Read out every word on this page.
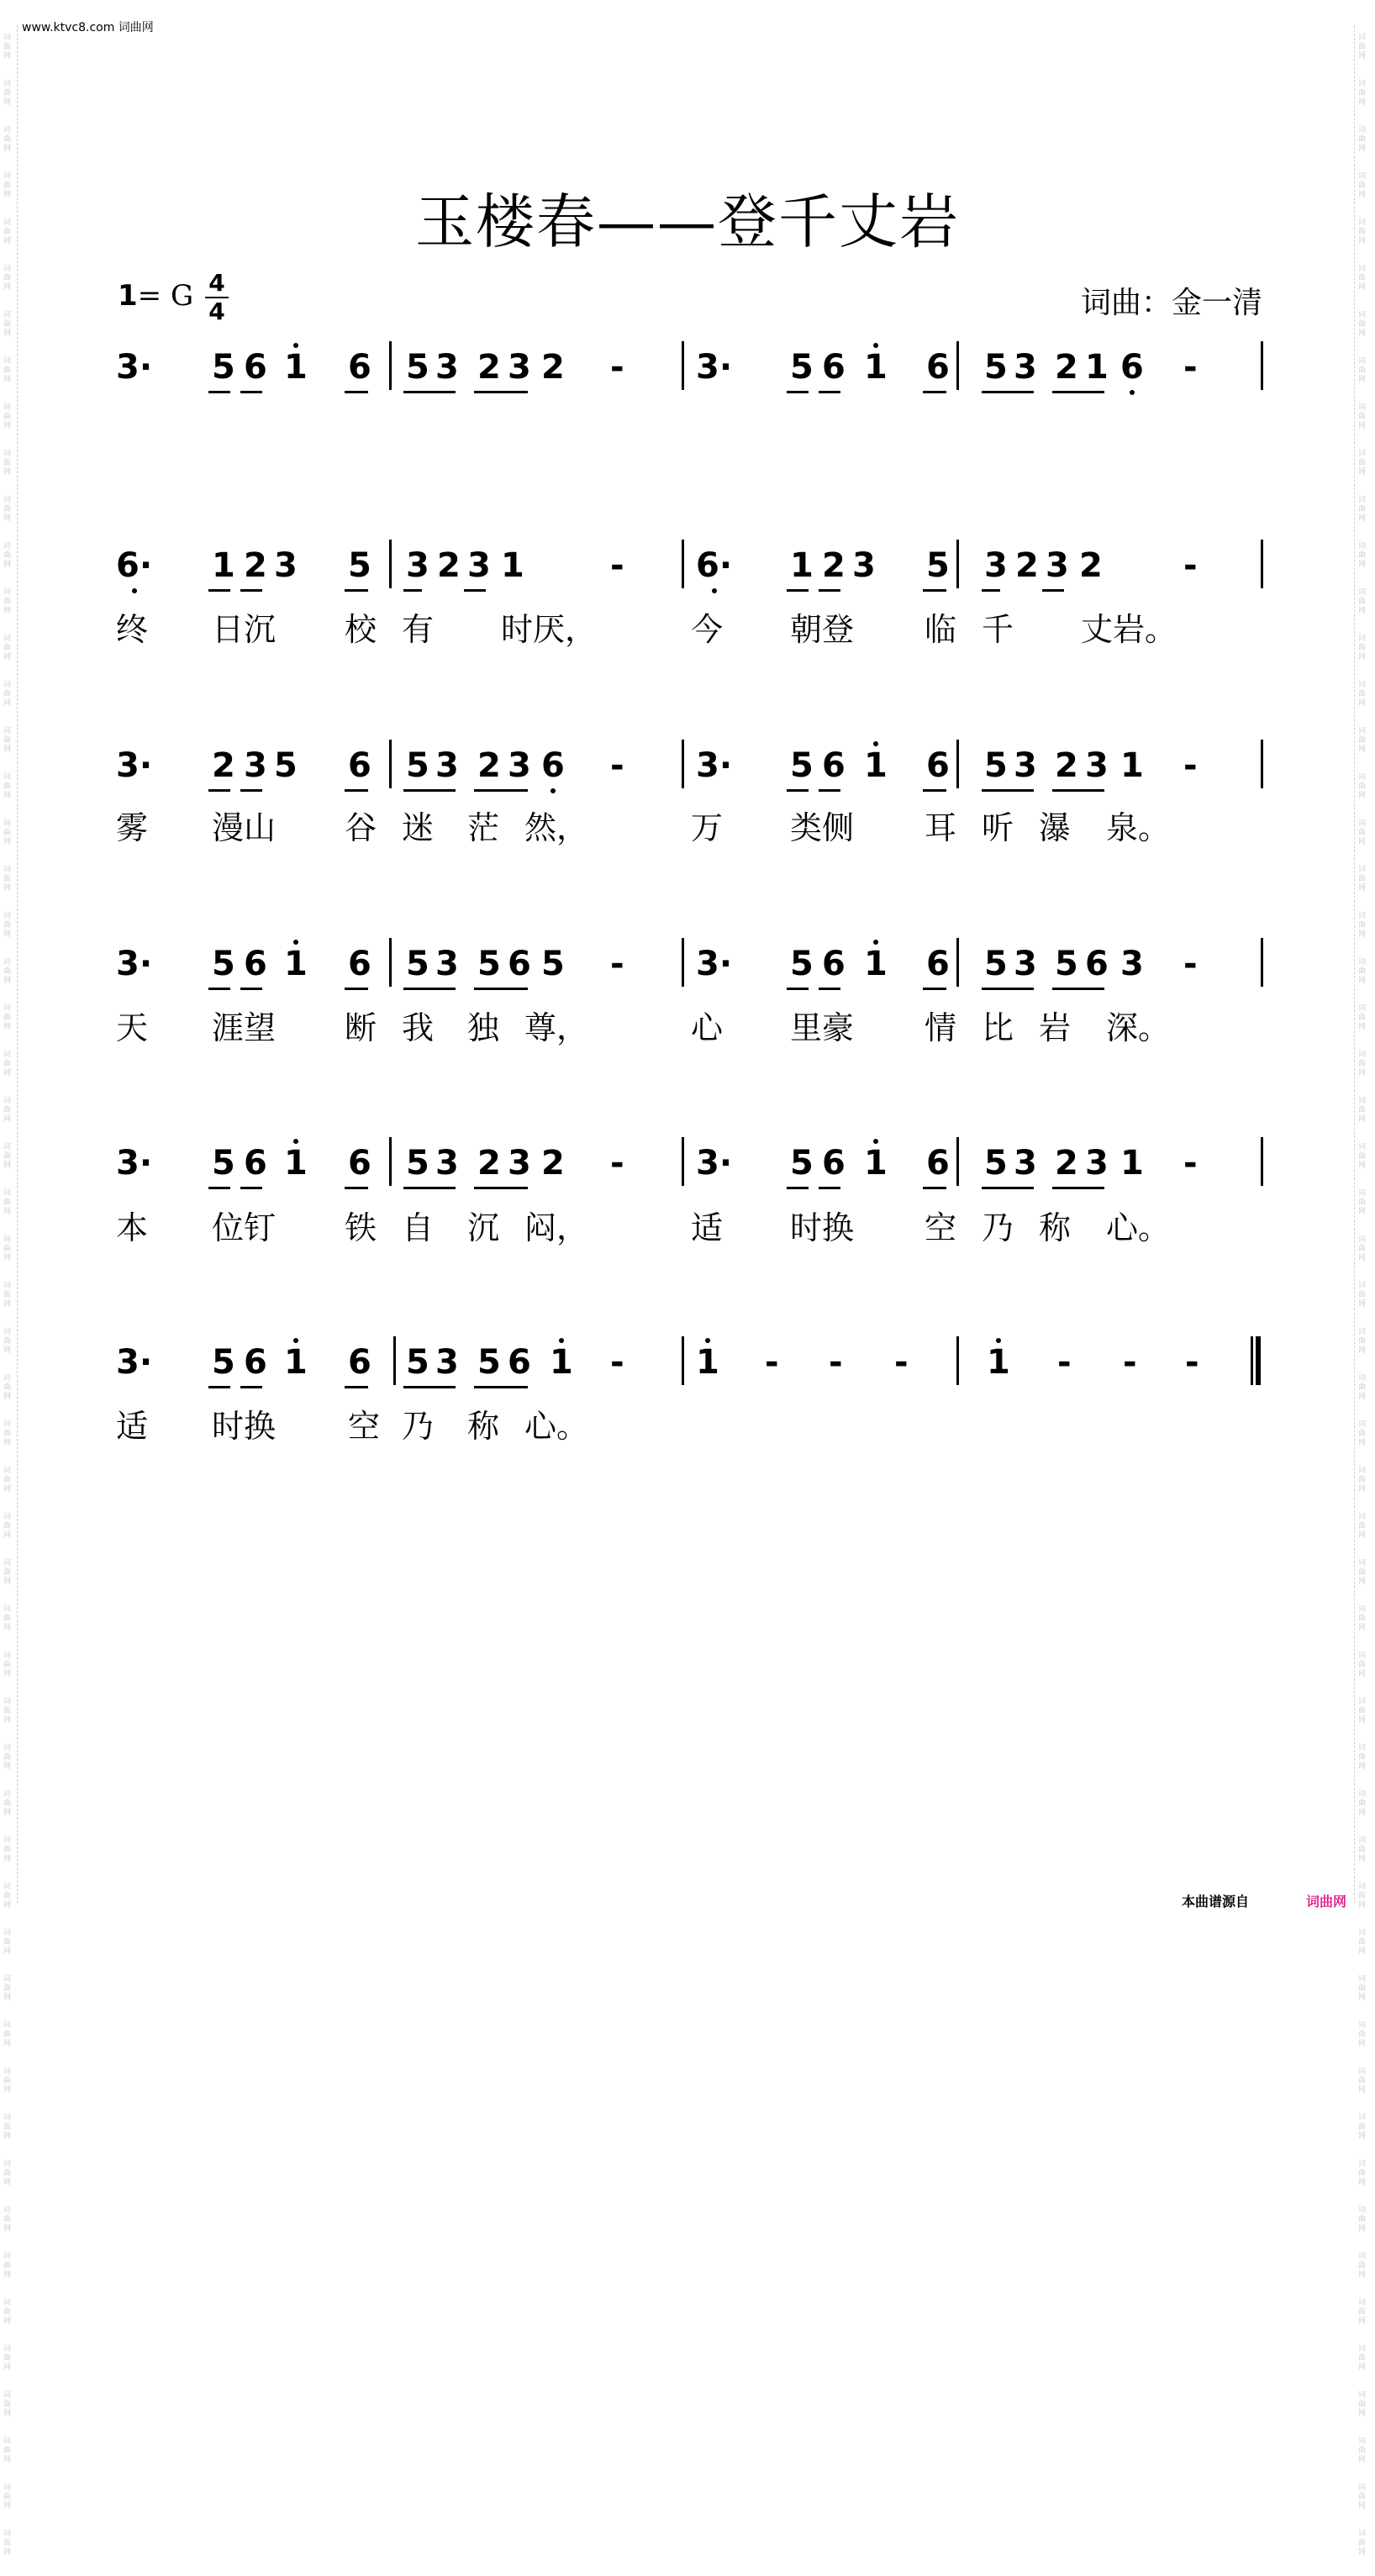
www.ktvc8.com 词曲网
词
曲
网

词
曲
网

词
曲
网

词
曲
网

词
曲
网

词
曲
网

词
曲
网

词
曲
网

词
曲
网

词
曲
网

词
曲
网

词
曲
网

词
曲
网

词
曲
网

词
曲
网

词
曲
网

词
曲
网

词
曲
网

词
曲
网

词
曲
网

词
曲
网

词
曲
网

词
曲
网

词
曲
网

词
曲
网

词
曲
网

词
曲
网

词
曲
网

词
曲
网

词
曲
网

词
曲
网

词
曲
网

词
曲
网

词
曲
网

词
曲
网

词
曲
网

词
曲
网

词
曲
网

词
曲
网

词
曲
网

词
曲
网

词
曲
网

词
曲
网

词
曲
网

词
曲
网

词
曲
网

词
曲
网

词
曲
网

词
曲
网

词
曲
网

词
曲
网

词
曲
网

词
曲
网

词
曲
网

词
曲
网

词
曲
网

词
曲
网

词
曲
网

词
曲
网

词
曲
网

词
曲
网

词
曲
网

词
曲
网

词
曲
网

词
曲
网

词
曲
网

词
曲
网

词
曲
网

词
曲
网

词
曲
网

词
曲
网

词
曲
网

词
曲
网

词
曲
网

词
曲
网

词
曲
网

词
曲
网

词
曲
网

词
曲
网

词
曲
网

词
曲
网

词
曲
网

词
曲
网

词
曲
网

词
曲
网

词
曲
网

词
曲
网

词
曲
网

词
曲
网

词
曲
网

词
曲
网

词
曲
网

词
曲
网

词
曲
网

词
曲
网

词
曲
网

词
曲
网

词
曲
网

词
曲
网

词
曲
网

词
曲
网

词
曲
网

词
曲
网

词
曲
网

词
曲
网

词
曲
网

词
曲
网

词
曲
网

词
曲
网

词
曲
网

玉楼春——登千丈岩
1= G 4
4	词曲：金一清
3· 5 6 1 6 5 3 2 3 2 - 3· 5 6 1 6 5 3 2 1 6 -
6· 1 2 3 5 3 2 3 1	- 6· 1 2 3 5 3 2 3 2 -
终 日沉 校 有 时厌，	今 朝登 临 千 丈岩。
3· 2 3 5 6 5 3 2 3 6 - 3· 5 6 1 6 5 3 2 3 1 -
雾 漫山 谷 迷 茫 然，	万 类侧 耳 听 瀑 泉。
3· 5 6 1 6 5 3 5 6 5 - 3· 5 6 1 6 5 3 5 6 3 -
天 涯望 断 我 独 尊，	心 里豪 情 比 岩 深。
3· 5 6 1 6 5 3 2 3 2 - 3· 5 6 1 6 5 3 2 3 1 -
本 位钉 铁 自 沉 闷，	适 时换 空 乃 称 心。
3· 5 6 1 6 5 3 5 6 1 - 1 - - - 1 - - -
适 时换 空 乃 称 心。
本曲谱源自	词曲网
